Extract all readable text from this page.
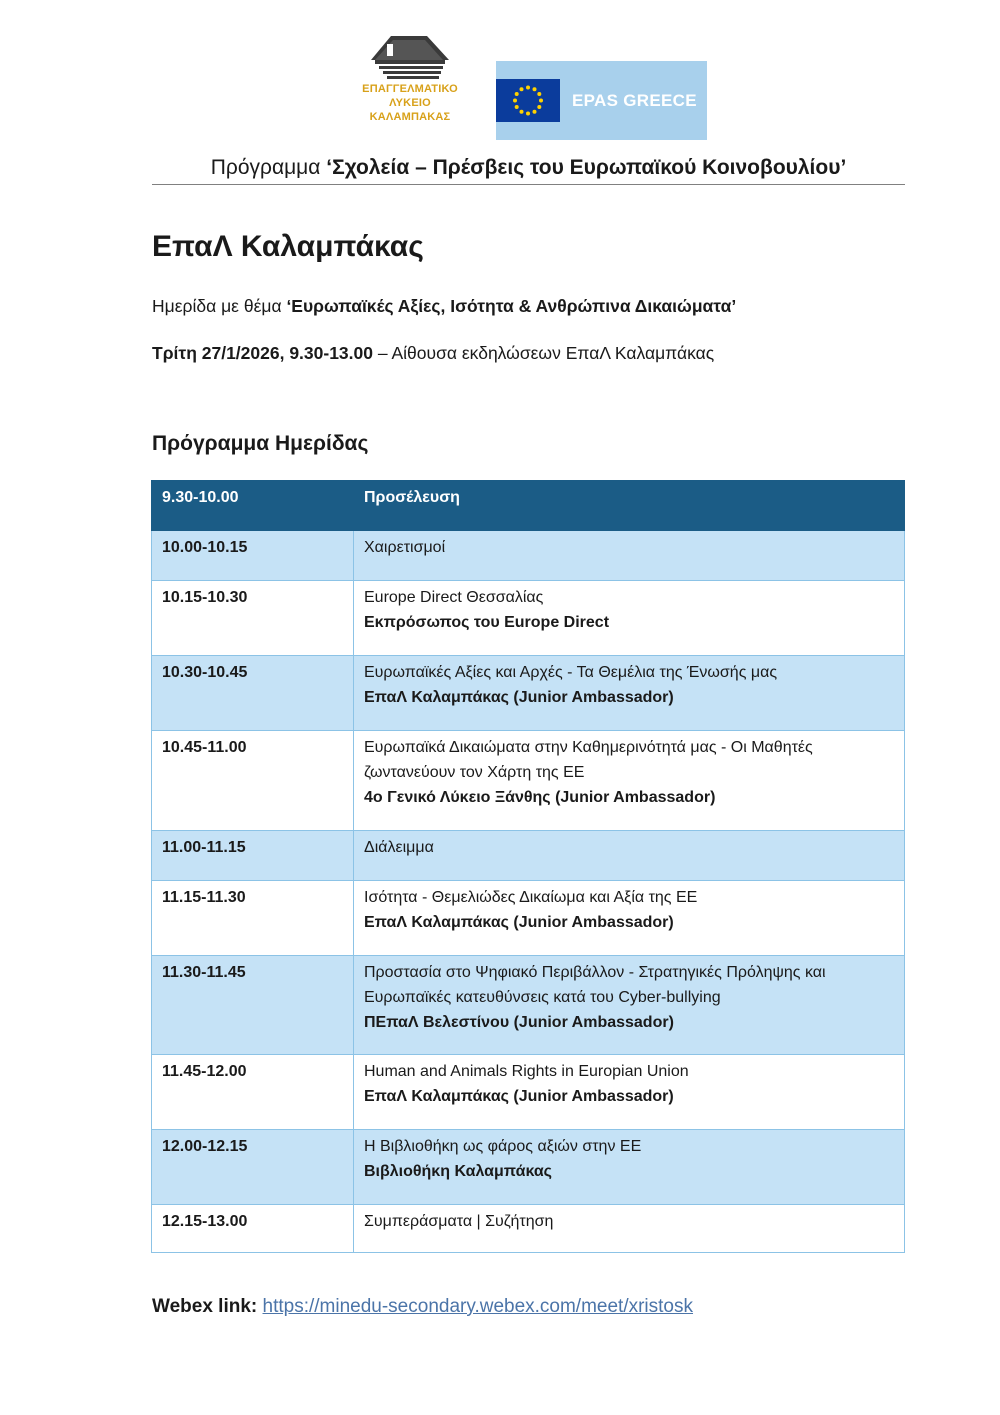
ΕΠΑΓΓΕΛΜΑΤΙΚΟ
ΛΥΚΕΙΟ
ΚΑΛΑΜΠΑΚΑΣ
EPAS GREECE
Πρόγραμμα ‘Σχολεία – Πρέσβεις του Ευρωπαϊκού Κοινοβουλίου’
ΕπαΛ Καλαμπάκας
Ημερίδα με θέμα ‘Ευρωπαϊκές Αξίες, Ισότητα & Ανθρώπινα Δικαιώματα’
Τρίτη 27/1/2026, 9.30-13.00 – Αίθουσα εκδηλώσεων ΕπαΛ Καλαμπάκας
Πρόγραμμα Ημερίδας
9.30-10.00	Προσέλευση
10.00-10.15	Χαιρετισμοί

10.15-10.30	Europe Direct Θεσσαλίας
Εκπρόσωπος του Europe Direct

10.30-10.45	Ευρωπαϊκές Αξίες και Αρχές - Τα Θεμέλια της Ένωσής μας
ΕπαΛ Καλαμπάκας (Junior Ambassador)

10.45-11.00	Ευρωπαϊκά Δικαιώματα στην Καθημερινότητά μας - Οι Μαθητές ζωντανεύουν τον Χάρτη της ΕΕ
4ο Γενικό Λύκειο Ξάνθης (Junior Ambassador)

11.00-11.15	Διάλειμμα

11.15-11.30	Ισότητα - Θεμελιώδες Δικαίωμα και Αξία της ΕΕ
ΕπαΛ Καλαμπάκας (Junior Ambassador)

11.30-11.45	Προστασία στο Ψηφιακό Περιβάλλον - Στρατηγικές Πρόληψης και Ευρωπαϊκές κατευθύνσεις κατά του Cyber-bullying
ΠΕπαΛ Βελεστίνου (Junior Ambassador)

11.45-12.00	Human and Animals Rights in Europian Union
ΕπαΛ Καλαμπάκας (Junior Ambassador)

12.00-12.15	Η Βιβλιοθήκη ως φάρος αξιών στην ΕΕ
Βιβλιοθήκη Καλαμπάκας

12.15-13.00	Συμπεράσματα | Συζήτηση
Webex link: https://minedu-secondary.webex.com/meet/xristosk
